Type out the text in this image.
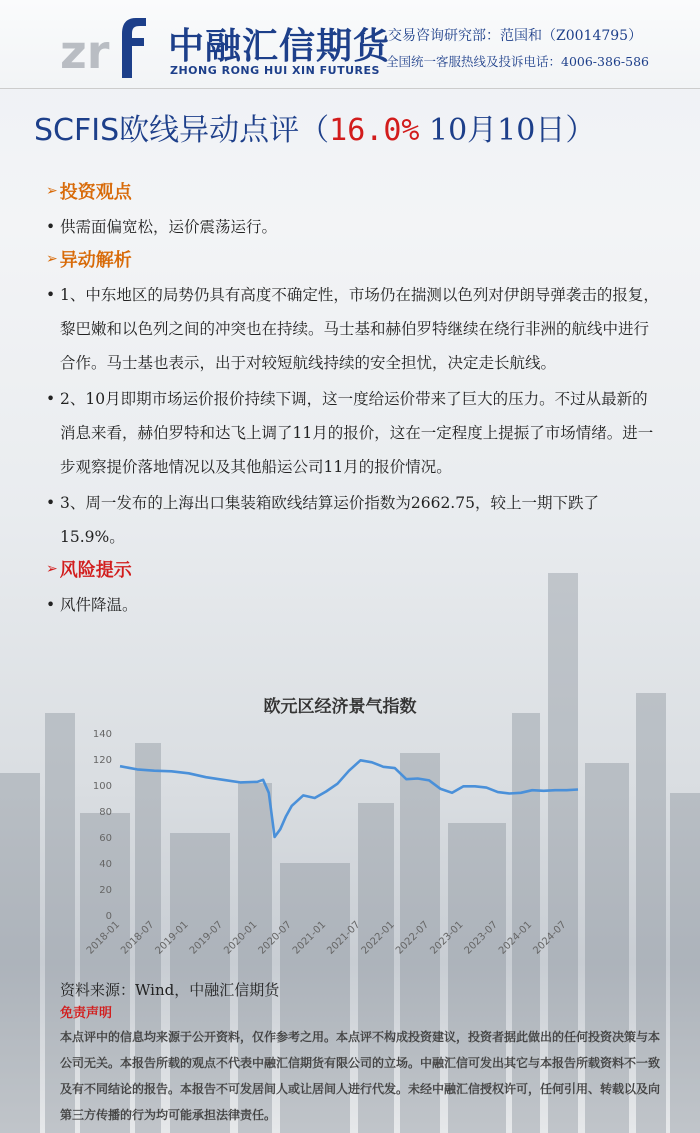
zr 中融汇信期货
ZHONG RONG HUI XIN FUTURES
交易咨询研究部：范国和（Z0014795）
全国统一客服热线及投诉电话：4006-386-586
SCFIS欧线异动点评（16.0% 10月10日）
➢ 投资观点
• 供需面偏宽松，运价震荡运行。
➢ 异动解析
• 1、中东地区的局势仍具有高度不确定性，市场仍在揣测以色列对伊朗导弹袭击的报复，黎巴嫩和以色列之间的冲突也在持续。马士基和赫伯罗特继续在绕行非洲的航线中进行合作。马士基也表示，出于对较短航线持续的安全担忧，决定走长航线。
• 2、10月即期市场运价报价持续下调，这一度给运价带来了巨大的压力。不过从最新的消息来看，赫伯罗特和达飞上调了11月的报价，这在一定程度上提振了市场情绪。进一步观察提价落地情况以及其他船运公司11月的报价情况。
• 3、周一发布的上海出口集装箱欧线结算运价指数为2662.75，较上一期下跌了15.9%。
➢ 风险提示
• 风件降温。
欧元区经济景气指数
0
20
40
60
80
100
120
140
2018-01
2018-07
2019-01
2019-07
2020-01
2020-07
2021-01
2021-07
2022-01
2022-07
2023-01
2023-07
2024-01
2024-07
资料来源：Wind，中融汇信期货
免责声明
本点评中的信息均来源于公开资料，仅作参考之用。本点评不构成投资建议，投资者据此做出的任何投资决策与本公司无关。本报告所载的观点不代表中融汇信期货有限公司的立场。中融汇信可发出其它与本报告所载资料不一致及有不同结论的报告。本报告不可发居间人或让居间人进行代发。未经中融汇信授权许可，任何引用、转载以及向第三方传播的行为均可能承担法律责任。
